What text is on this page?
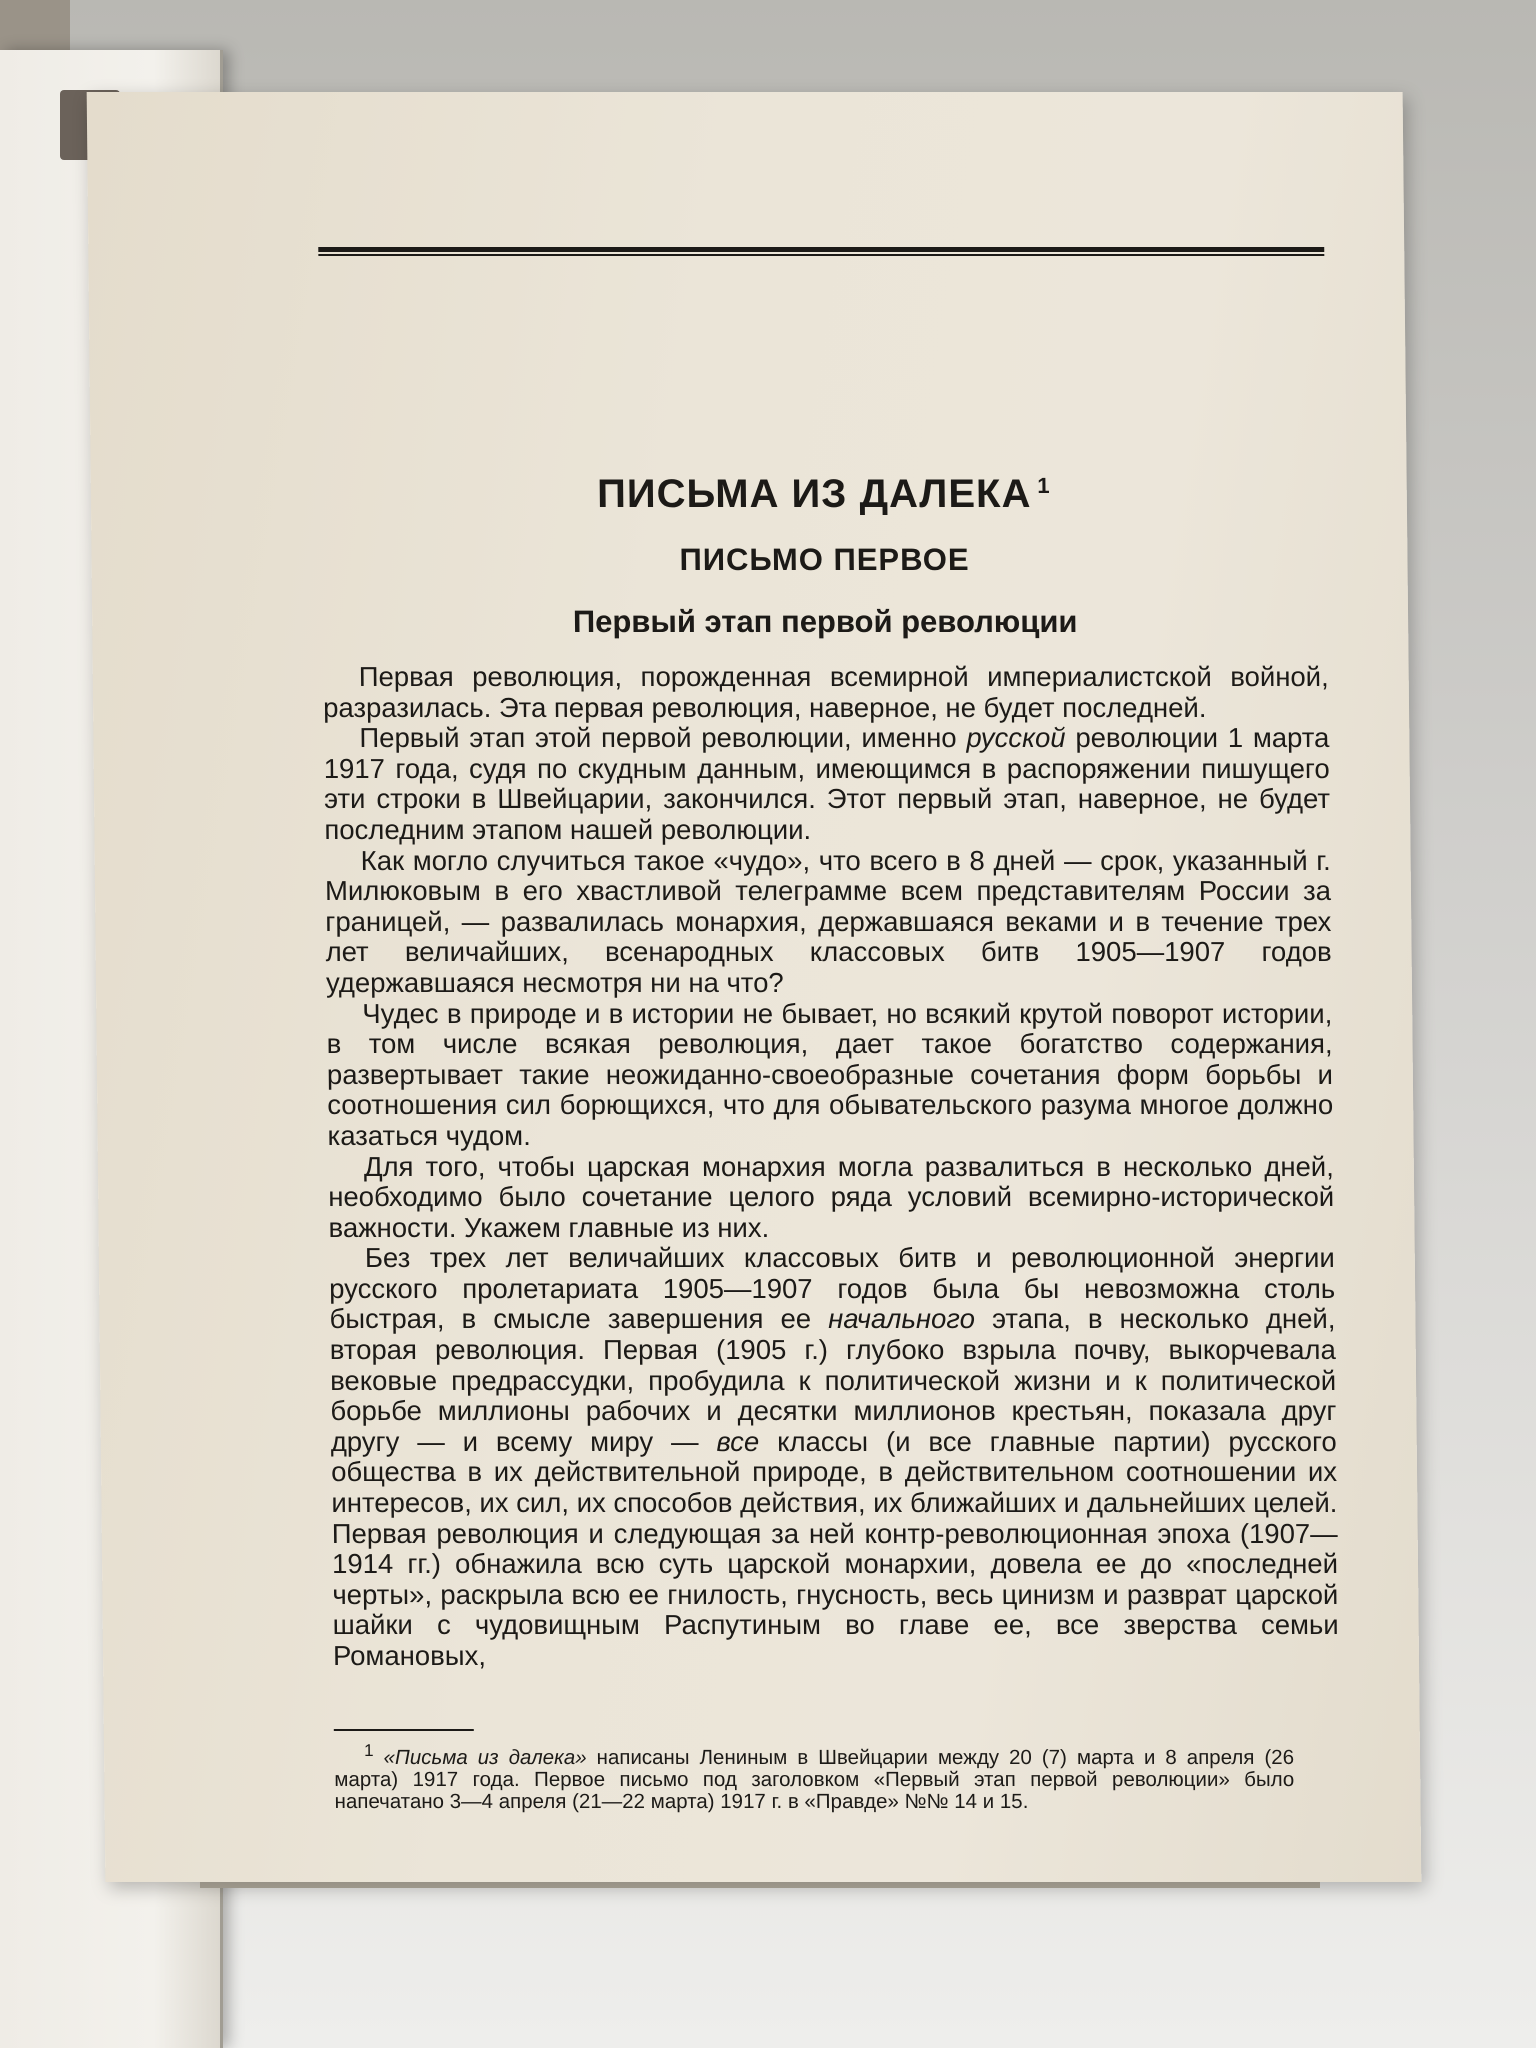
ПИСЬМА ИЗ ДАЛЕКА $^1$
ПИСЬМО ПЕРВОЕ
Первый этап первой революции

Первая революция, порожденная всемирной империалистской войной, разразилась. Эта первая революция, наверное, не будет последней.

Первый этап этой первой революции, именно русской революции 1 марта 1917 года, судя по скудным данным, имеющимся в распоряжении пишущего эти строки в Швейцарии, закончился. Этот первый этап, наверное, не будет последним этапом нашей революции.

Как могло случиться такое «чудо», что всего в 8 дней — срок, указанный г. Милюковым в его хвастливой телеграмме всем представителям России за границей, — развалилась монархия, державшаяся веками и в течение трех лет величайших, всенародных классовых битв 1905—1907 годов удержавшаяся несмотря ни на что?

Чудес в природе и в истории не бывает, но всякий крутой поворот истории, в том числе всякая революция, дает такое богатство содержания, развертывает такие неожиданно-своеобразные сочетания форм борьбы и соотношения сил борющихся, что для обывательского разума многое должно казаться чудом.

Для того, чтобы царская монархия могла развалиться в несколько дней, необходимо было сочетание целого ряда условий всемирно-исторической важности. Укажем главные из них.

Без трех лет величайших классовых битв и революционной энергии русского пролетариата 1905—1907 годов была бы невозможна столь быстрая, в смысле завершения ее начального этапа, в несколько дней, вторая революция. Первая (1905 г.) глубоко взрыла почву, выкорчевала вековые предрассудки, пробудила к политической жизни и к политической борьбе миллионы рабочих и десятки миллионов крестьян, показала друг другу — и всему миру — все классы (и все главные партии) русского общества в их действительной природе, в действительном соотношении их интересов, их сил, их способов действия, их ближайших и дальнейших целей. Первая революция и следующая за ней контр-революционная эпоха (1907—1914 гг.) обнажила всю суть царской монархии, довела ее до «последней черты», раскрыла всю ее гнилость, гнусность, весь цинизм и разврат царской шайки с чудовищным Распутиным во главе ее, все зверства семьи Романовых,

$^1$ «Письма из далека» написаны Лениным в Швейцарии между 20 (7) марта и 8 апреля (26 марта) 1917 года. Первое письмо под заголовком «Первый этап первой революции» было напечатано 3—4 апреля (21—22 марта) 1917 г. в «Правде» №№ 14 и 15.
